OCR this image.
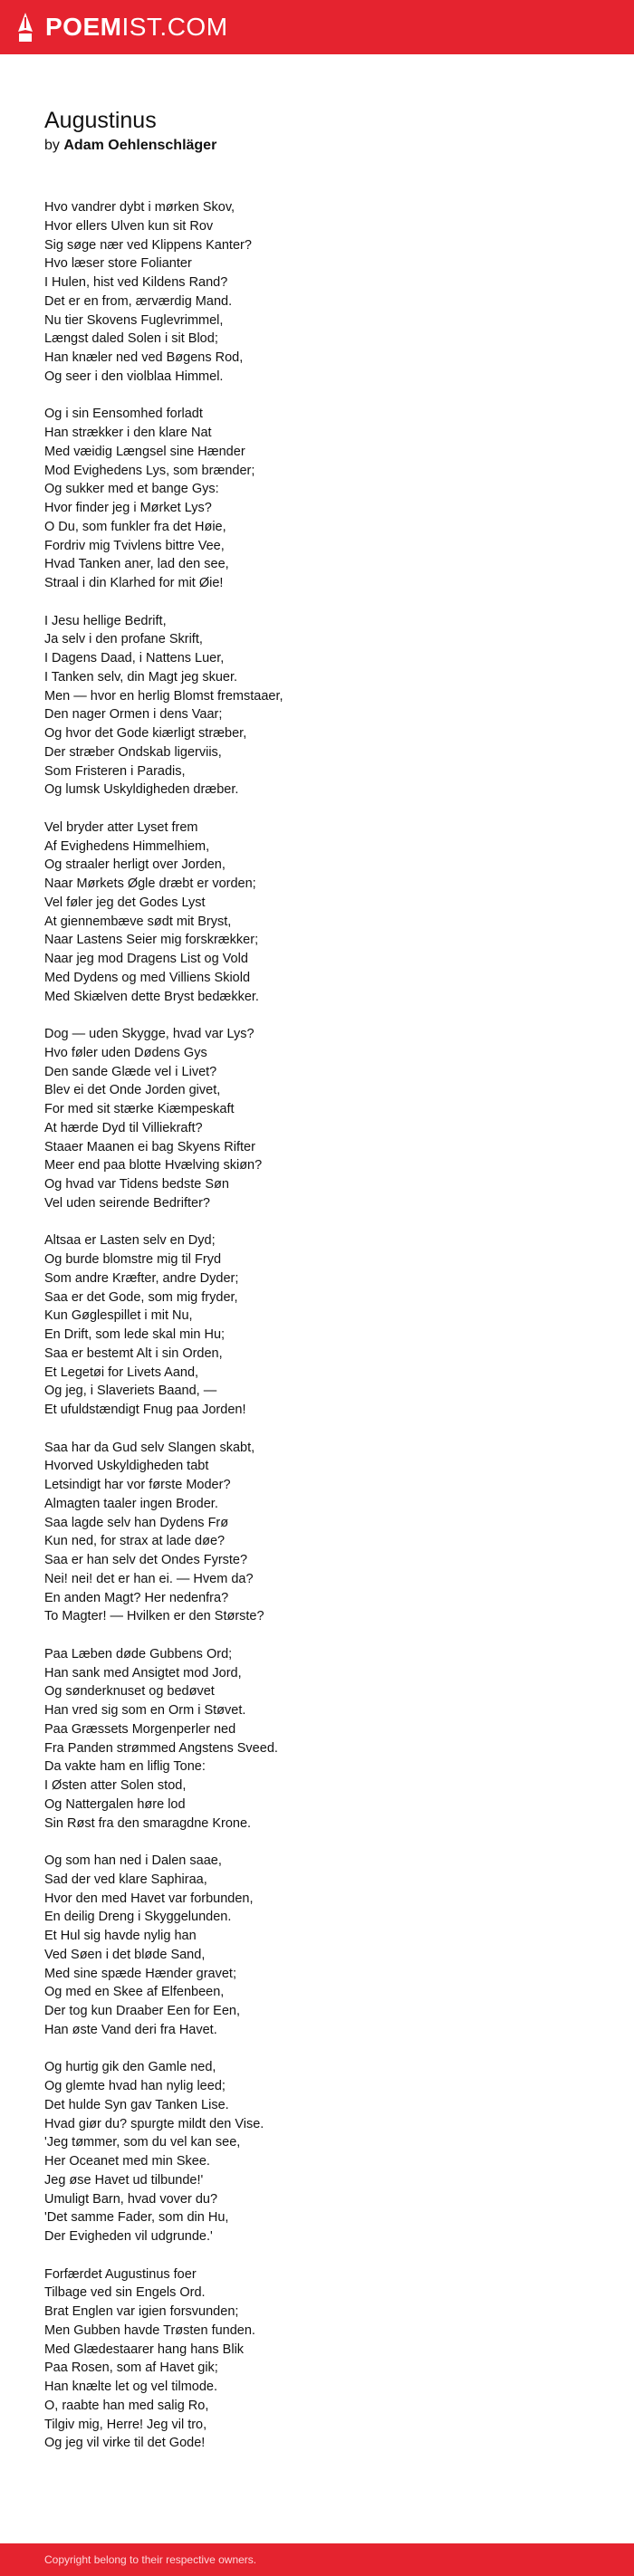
POEMIST.COM
Augustinus
by Adam Oehlenschläger
Hvo vandrer dybt i mørken Skov,
Hvor ellers Ulven kun sit Rov
Sig søge nær ved Klippens Kanter?
Hvo læser store Folianter
I Hulen, hist ved Kildens Rand?
Det er en from, ærværdig Mand.
Nu tier Skovens Fuglevrimmel,
Længst daled Solen i sit Blod;
Han knæler ned ved Bøgens Rod,
Og seer i den violblaa Himmel.
Og i sin Eensomhed forladt
Han strækker i den klare Nat
Med væidig Længsel sine Hænder
Mod Evighedens Lys, som brænder;
Og sukker med et bange Gys:
Hvor finder jeg i Mørket Lys?
O Du, som funkler fra det Høie,
Fordriv mig Tvivlens bittre Vee,
Hvad Tanken aner, lad den see,
Straal i din Klarhed for mit Øie!
I Jesu hellige Bedrift,
Ja selv i den profane Skrift,
I Dagens Daad, i Nattens Luer,
I Tanken selv, din Magt jeg skuer.
Men — hvor en herlig Blomst fremstaaer,
Den nager Ormen i dens Vaar;
Og hvor det Gode kiærligt stræber,
Der stræber Ondskab ligerviis,
Som Fristeren i Paradis,
Og lumsk Uskyldigheden dræber.
Vel bryder atter Lyset frem
Af Evighedens Himmelhiem,
Og straaler herligt over Jorden,
Naar Mørkets Øgle dræbt er vorden;
Vel føler jeg det Godes Lyst
At giennembæve sødt mit Bryst,
Naar Lastens Seier mig forskrækker;
Naar jeg mod Dragens List og Vold
Med Dydens og med Villiens Skiold
Med Skiælven dette Bryst bedækker.
Dog — uden Skygge, hvad var Lys?
Hvo føler uden Dødens Gys
Den sande Glæde vel i Livet?
Blev ei det Onde Jorden givet,
For med sit stærke Kiæmpeskaft
At hærde Dyd til Villiekraft?
Staaer Maanen ei bag Skyens Rifter
Meer end paa blotte Hvælving skiøn?
Og hvad var Tidens bedste Søn
Vel uden seirende Bedrifter?
Altsaa er Lasten selv en Dyd;
Og burde blomstre mig til Fryd
Som andre Kræfter, andre Dyder;
Saa er det Gode, som mig fryder,
Kun Gøglespillet i mit Nu,
En Drift, som lede skal min Hu;
Saa er bestemt Alt i sin Orden,
Et Legetøi for Livets Aand,
Og jeg, i Slaveriets Baand, —
Et ufuldstændigt Fnug paa Jorden!
Saa har da Gud selv Slangen skabt,
Hvorved Uskyldigheden tabt
Letsindigt har vor første Moder?
Almagten taaler ingen Broder.
Saa lagde selv han Dydens Frø
Kun ned, for strax at lade døe?
Saa er han selv det Ondes Fyrste?
Nei! nei! det er han ei. — Hvem da?
En anden Magt? Her nedenfra?
To Magter! — Hvilken er den Største?
Paa Læben døde Gubbens Ord;
Han sank med Ansigtet mod Jord,
Og sønderknuset og bedøvet
Han vred sig som en Orm i Støvet.
Paa Græssets Morgenperler ned
Fra Panden strømmed Angstens Sveed.
Da vakte ham en liflig Tone:
I Østen atter Solen stod,
Og Nattergalen høre lod
Sin Røst fra den smaragdne Krone.
Og som han ned i Dalen saae,
Sad der ved klare Saphiraa,
Hvor den med Havet var forbunden,
En deilig Dreng i Skyggelunden.
Et Hul sig havde nylig han
Ved Søen i det bløde Sand,
Med sine spæde Hænder gravet;
Og med en Skee af Elfenbeen,
Der tog kun Draaber Een for Een,
Han øste Vand deri fra Havet.
Og hurtig gik den Gamle ned,
Og glemte hvad han nylig leed;
Det hulde Syn gav Tanken Lise.
Hvad giør du? spurgte mildt den Vise.
'Jeg tømmer, som du vel kan see,
Her Oceanet med min Skee.
Jeg øse Havet ud tilbunde!'
Umuligt Barn, hvad vover du?
'Det samme Fader, som din Hu,
Der Evigheden vil udgrunde.'
Forfærdet Augustinus foer
Tilbage ved sin Engels Ord.
Brat Englen var igien forsvunden;
Men Gubben havde Trøsten funden.
Med Glædestaarer hang hans Blik
Paa Rosen, som af Havet gik;
Han knælte let og vel tilmode.
O, raabte han med salig Ro,
Tilgiv mig, Herre! Jeg vil tro,
Og jeg vil virke til det Gode!
Copyright belong to their respective owners.
